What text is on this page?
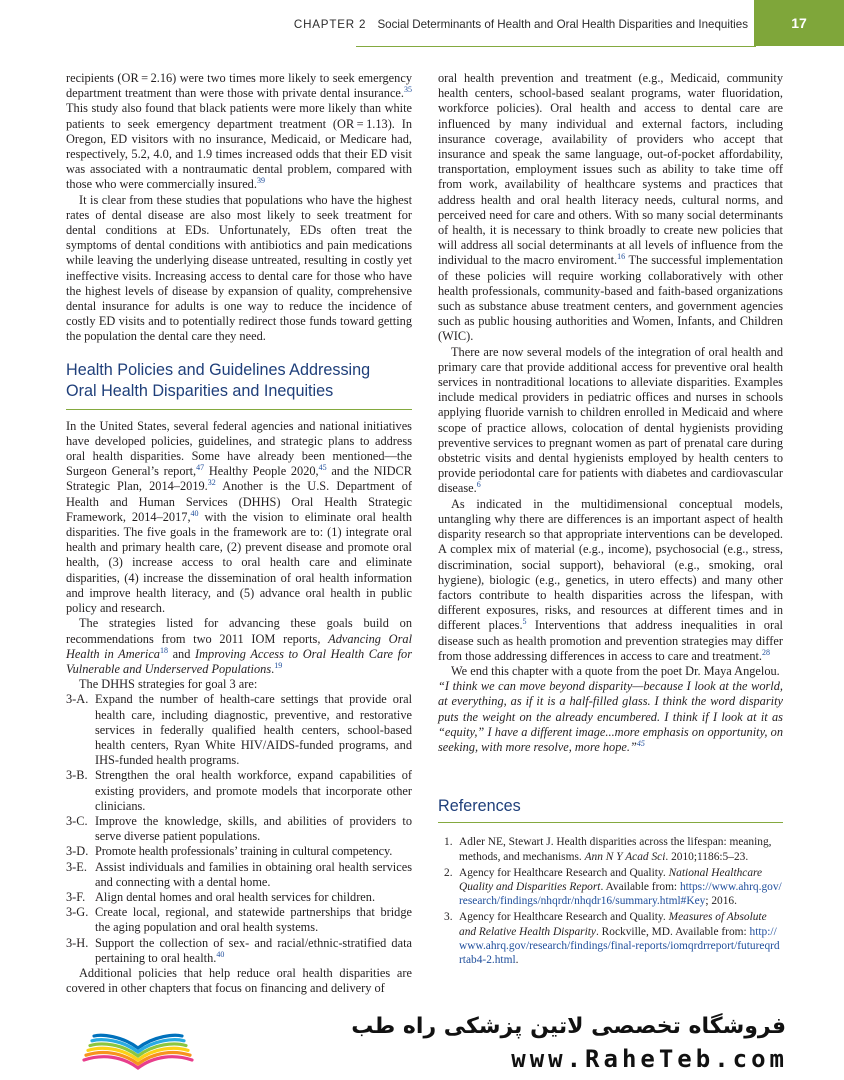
CHAPTER 2 Social Determinants of Health and Oral Health Disparities and Inequities	17

recipients (OR = 2.16) were two times more likely to seek emergency department treatment than were those with private dental insurance.$^{35}$ This study also found that black patients were more likely than white patients to seek emergency department treatment (OR = 1.13). In Oregon, ED visitors with no insurance, Medicaid, or Medicare had, respectively, 5.2, 4.0, and 1.9 times increased odds that their ED visit was associated with a nontraumatic dental problem, compared with those who were commercially insured.$^{39}$

It is clear from these studies that populations who have the highest rates of dental disease are also most likely to seek treatment for dental conditions at EDs. Unfortunately, EDs often treat the symptoms of dental conditions with antibiotics and pain medications while leaving the underlying disease untreated, resulting in costly yet ineffective visits. Increasing access to dental care for those who have the highest levels of disease by expansion of quality, comprehensive dental insurance for adults is one way to reduce the incidence of costly ED visits and to potentially redirect those funds toward getting the population the dental care they need.

Health Policies and Guidelines Addressing
Oral Health Disparities and Inequities

In the United States, several federal agencies and national initiatives have developed policies, guidelines, and strategic plans to address oral health disparities. Some have already been mentioned—the Surgeon General’s report,$^{47}$ Healthy People 2020,45 and the NIDCR Strategic Plan, 2014–2019.32 Another is the U.S. Department of Health and Human Services (DHHS) Oral Health Strategic Framework, 2014–2017,40 with the vision to eliminate oral health disparities. The five goals in the framework are to: (1) integrate oral health and primary health care, (2) prevent disease and promote oral health, (3) increase access to oral health care and eliminate disparities, (4) increase the dissemination of oral health information and improve health literacy, and (5) advance oral health in public policy and research.

The strategies listed for advancing these goals build on recommendations from two 2011 IOM reports, Advancing Oral Health in America$^{18}$ and Improving Access to Oral Health Care for Vulnerable and Underserved Populations.$^{19}$

The DHHS strategies for goal 3 are:

3-A. Expand the number of health-care settings that provide oral health care, including diagnostic, preventive, and restorative services in federally qualified health centers, school-based health centers, Ryan White HIV/AIDS-funded programs, and IHS-funded health programs.
3-B. Strengthen the oral health workforce, expand capabilities of existing providers, and promote models that incorporate other clinicians.
3-C. Improve the knowledge, skills, and abilities of providers to serve diverse patient populations.
3-D. Promote health professionals’ training in cultural competency.
3-E. Assist individuals and families in obtaining oral health services and connecting with a dental home.
3-F. Align dental homes and oral health services for children.
3-G. Create local, regional, and statewide partnerships that bridge the aging population and oral health systems.
3-H. Support the collection of sex- and racial/ethnic-stratified data pertaining to oral health.$^{40}$

Additional policies that help reduce oral health disparities are covered in other chapters that focus on financing and delivery of

oral health prevention and treatment (e.g., Medicaid, community health centers, school-based sealant programs, water fluoridation, workforce policies). Oral health and access to dental care are influenced by many individual and external factors, including insurance coverage, availability of providers who accept that insurance and speak the same language, out-of-pocket affordability, transportation, employment issues such as ability to take time off from work, availability of healthcare systems and practices that address health and oral health literacy needs, cultural norms, and perceived need for care and others. With so many social determinants of health, it is necessary to think broadly to create new policies that will address all social determinants at all levels of influence from the individual to the macro enviroment.$^{16}$ The successful implementation of these policies will require working collaboratively with other health professionals, community-based and faith-based organizations such as substance abuse treatment centers, and government agencies such as public housing authorities and Women, Infants, and Children (WIC).

There are now several models of the integration of oral health and primary care that provide additional access for preventive oral health services in nontraditional locations to alleviate disparities. Examples include medical providers in pediatric offices and nurses in schools applying fluoride varnish to children enrolled in Medicaid and where scope of practice allows, colocation of dental hygienists providing preventive services to pregnant women as part of prenatal care during obstetric visits and dental hygienists employed by health centers to provide periodontal care for patients with diabetes and cardiovascular disease.$^6$

As indicated in the multidimensional conceptual models, untangling why there are differences is an important aspect of health disparity research so that appropriate interventions can be developed. A complex mix of material (e.g., income), psychosocial (e.g., stress, discrimination, social support), behavioral (e.g., smoking, oral hygiene), biologic (e.g., genetics, in utero effects) and many other factors contribute to health disparities across the lifespan, with different exposures, risks, and resources at different times and in different places.$^5$ Interventions that address inequalities in oral disease such as health promotion and prevention strategies may differ from those addressing differences in access to care and treatment.$^{28}$

We end this chapter with a quote from the poet Dr. Maya Angelou.

“I think we can move beyond disparity—because I look at the world, at everything, as if it is a half-filled glass. I think the word disparity puts the weight on the already encumbered. I think if I look at it as “equity,” I have a different image...more emphasis on opportunity, on seeking, with more resolve, more hope.”$^{45}$

References
1. Adler NE, Stewart J. Health disparities across the lifespan: meaning, methods, and mechanisms. Ann N Y Acad Sci. 2010;1186:5–23.
2. Agency for Healthcare Research and Quality. National Healthcare Quality and Disparities Report. Available from: https://www.ahrq.gov/research/findings/nhqrdr/nhqdr16/summary.html#Key; 2016.
3. Agency for Healthcare Research and Quality. Measures of Absolute and Relative Health Disparity. Rockville, MD. Available from: http://www.ahrq.gov/research/findings/final-reports/iomqrdrreport/futureqrdrtab4-2.html.
فروشگاه تخصصی لاتین پزشکی راه طب
www.RaheTeb.com
